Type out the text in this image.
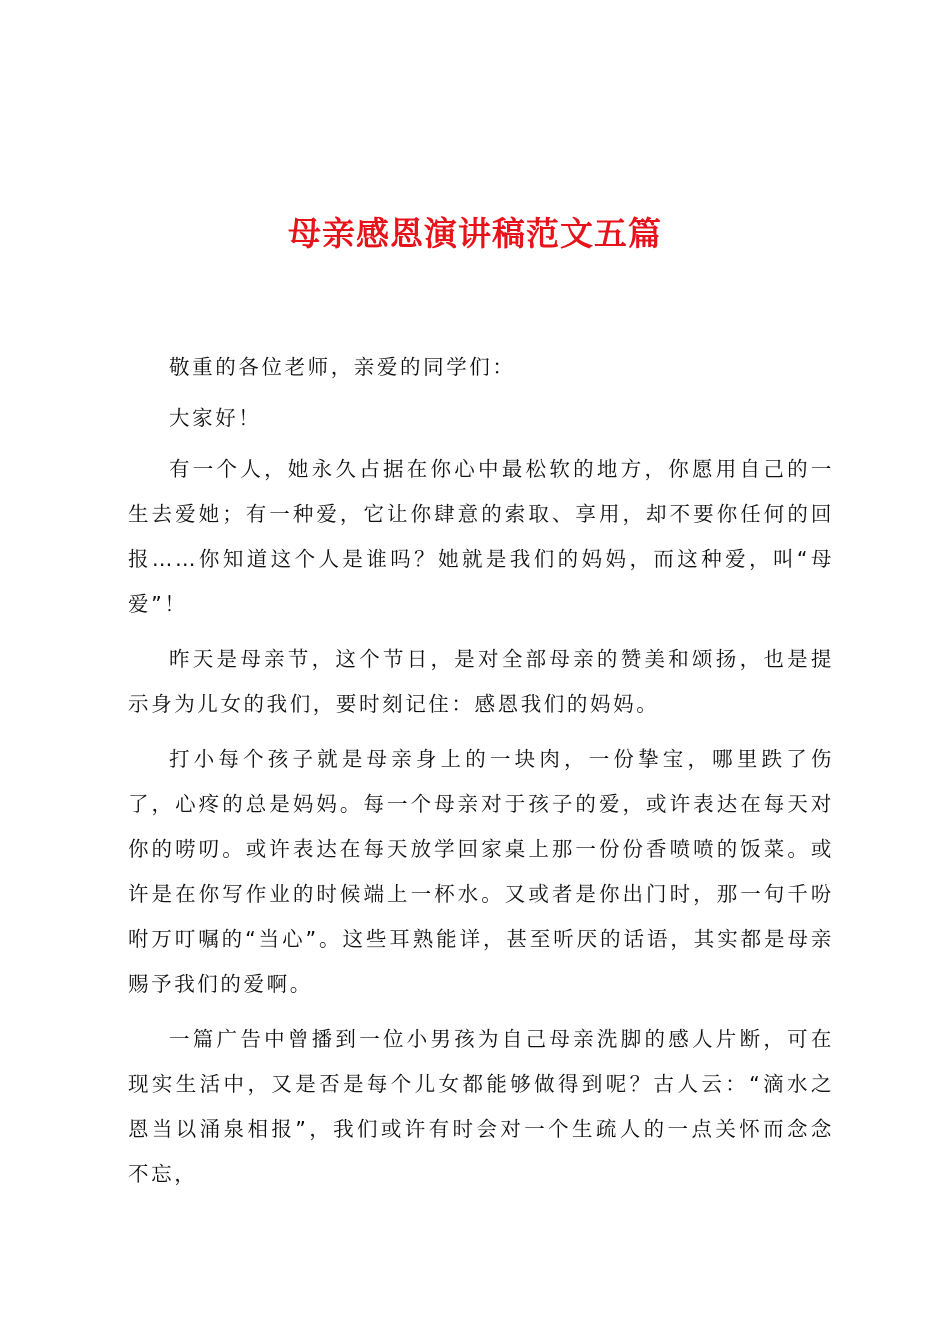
母亲感恩演讲稿范文五篇

敬重的各位老师，亲爱的同学们：

大家好！

有一个人，她永久占据在你心中最松软的地方，你愿用自己的一生去爱她；有一种爱，它让你肆意的索取、享用，却不要你任何的回报……你知道这个人是谁吗？她就是我们的妈妈，而这种爱，叫“母爱”！

昨天是母亲节，这个节日，是对全部母亲的赞美和颂扬，也是提示身为儿女的我们，要时刻记住：感恩我们的妈妈。

打小每个孩子就是母亲身上的一块肉，一份挚宝，哪里跌了伤了，心疼的总是妈妈。每一个母亲对于孩子的爱，或许表达在每天对你的唠叨。或许表达在每天放学回家桌上那一份份香喷喷的饭菜。或许是在你写作业的时候端上一杯水。又或者是你出门时，那一句千吩咐万叮嘱的“当心”。这些耳熟能详，甚至听厌的话语，其实都是母亲赐予我们的爱啊。

一篇广告中曾播到一位小男孩为自己母亲洗脚的感人片断，可在现实生活中，又是否是每个儿女都能够做得到呢？古人云：“滴水之恩当以涌泉相报”，我们或许有时会对一个生疏人的一点关怀而念念不忘，
